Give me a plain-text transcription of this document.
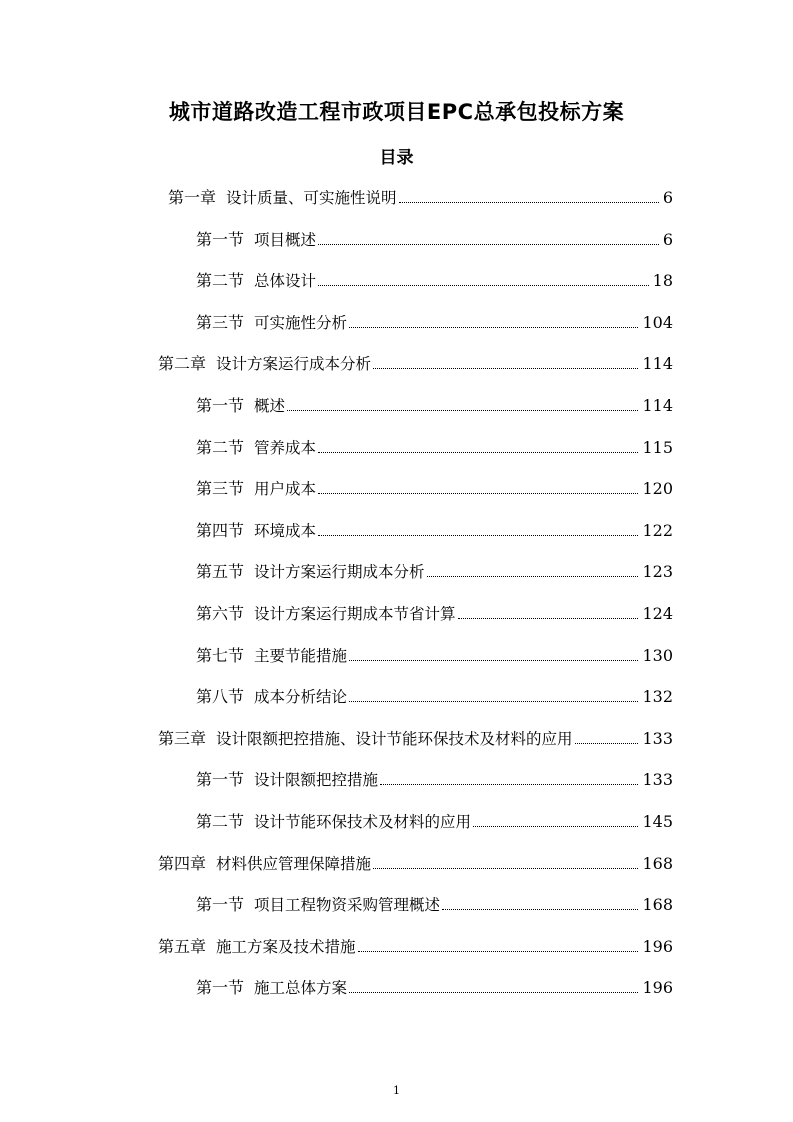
城市道路改造工程市政项目EPC总承包投标方案
目录
第一章 设计质量、可实施性说明	6
第一节 项目概述	6
第二节 总体设计	18
第三节 可实施性分析	104
第二章 设计方案运行成本分析	114
第一节 概述	114
第二节 管养成本	115
第三节 用户成本	120
第四节 环境成本	122
第五节 设计方案运行期成本分析	123
第六节 设计方案运行期成本节省计算	124
第七节 主要节能措施	130
第八节 成本分析结论	132
第三章 设计限额把控措施、设计节能环保技术及材料的应用	133
第一节 设计限额把控措施	133
第二节 设计节能环保技术及材料的应用	145
第四章 材料供应管理保障措施	168
第一节 项目工程物资采购管理概述	168
第五章 施工方案及技术措施	196
第一节 施工总体方案	196
1
